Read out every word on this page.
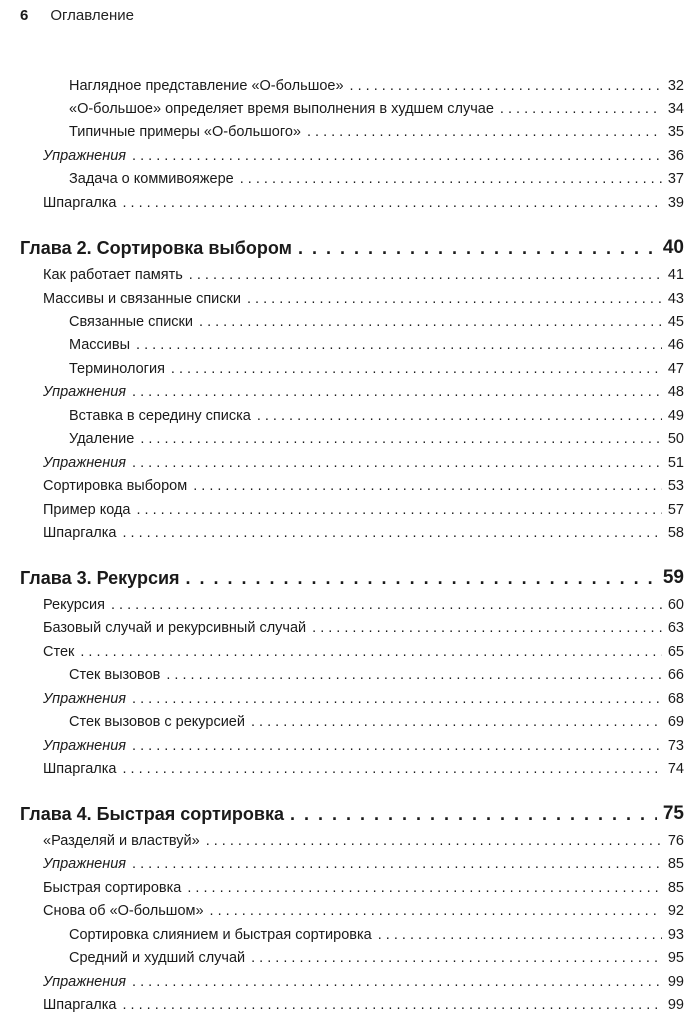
6 Оглавление
Наглядное представление «O-большое» . . .	32
«O-большое» определяет время выполнения в худшем случае . . .	34
Типичные примеры «O-большого» . . .	35
Упражнения . . .	36
Задача о коммивояжере . . .	37
Шпаргалка . . .	39
Глава 2. Сортировка выбором . . .	40
Как работает память . . .	41
Массивы и связанные списки . . .	43
Связанные списки . . .	45
Массивы . . .	46
Терминология . . .	47
Упражнения . . .	48
Вставка в середину списка . . .	49
Удаление . . .	50
Упражнения . . .	51
Сортировка выбором . . .	53
Пример кода . . .	57
Шпаргалка . . .	58
Глава 3. Рекурсия . . .	59
Рекурсия . . .	60
Базовый случай и рекурсивный случай . . .	63
Стек . . .	65
Стек вызовов . . .	66
Упражнения . . .	68
Стек вызовов с рекурсией . . .	69
Упражнения . . .	73
Шпаргалка . . .	74
Глава 4. Быстрая сортировка . . .	75
«Разделяй и властвуй» . . .	76
Упражнения . . .	85
Быстрая сортировка . . .	85
Снова об «O-большом» . . .	92
Сортировка слиянием и быстрая сортировка . . .	93
Средний и худший случай . . .	95
Упражнения . . .	99
Шпаргалка . . .	99
